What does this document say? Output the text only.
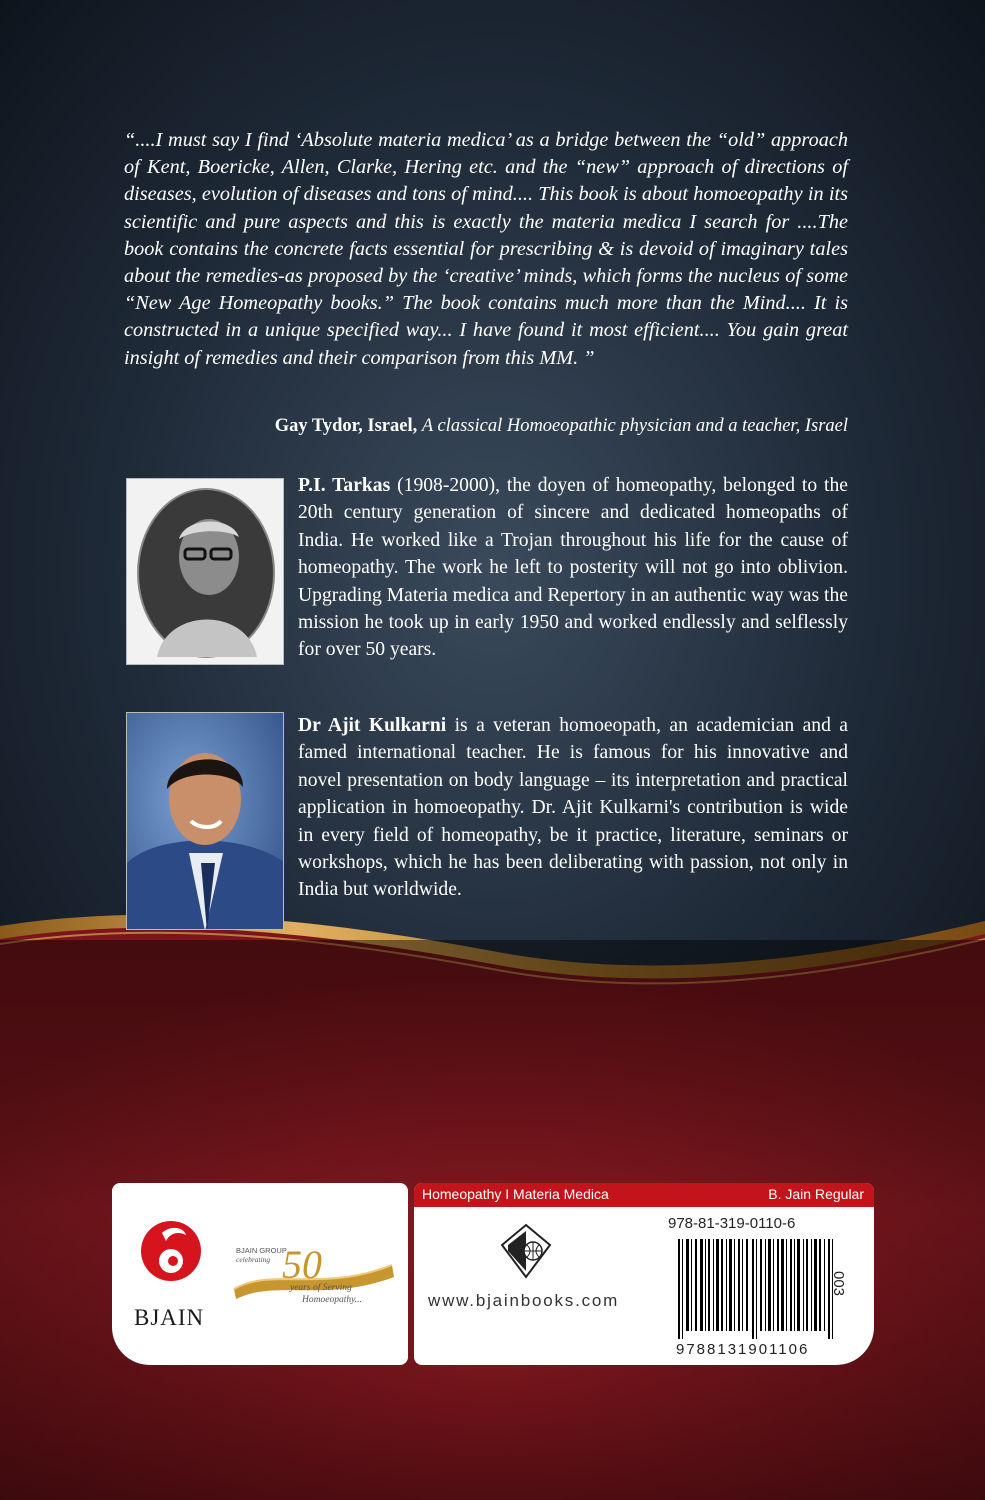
“....I must say I find ‘Absolute materia medica’ as a bridge between the “old” approach of Kent, Boericke, Allen, Clarke, Hering etc. and the “new” approach of directions of diseases, evolution of diseases and tons of mind.... This book is about homoeopathy in its scientific and pure aspects and this is exactly the materia medica I search for ....The book contains the concrete facts essential for prescribing & is devoid of imaginary tales about the remedies-as proposed by the ‘creative’ minds, which forms the nucleus of some “New Age Homeopathy books.” The book contains much more than the Mind.... It is constructed in a unique specified way... I have found it most efficient.... You gain great insight of remedies and their comparison from this MM. ”

Gay Tydor, Israel, A classical Homoeopathic physician and a teacher, Israel

P.I. Tarkas (1908-2000), the doyen of homeopathy, belonged to the 20th century generation of sincere and dedicated homeopaths of India. He worked like a Trojan throughout his life for the cause of homeopathy. The work he left to posterity will not go into oblivion. Upgrading Materia medica and Repertory in an authentic way was the mission he took up in early 1950 and worked endlessly and selflessly for over 50 years.

Dr Ajit Kulkarni is a veteran homoeopath, an academician and a famed international teacher. He is famous for his innovative and novel presentation on body language – its interpretation and practical application in homoeopathy. Dr. Ajit Kulkarni's contribution is wide in every field of homeopathy, be it practice, literature, seminars or workshops, which he has been deliberating with passion, not only in India but worldwide.

BJAIN
BJAIN GROUP
celebrating 50
years of Serving
Homoeopathy...
Homeopathy I Materia Medica	B. Jain Regular
www.bjainbooks.com
978-81-319-0110-6
9788131901106
003
